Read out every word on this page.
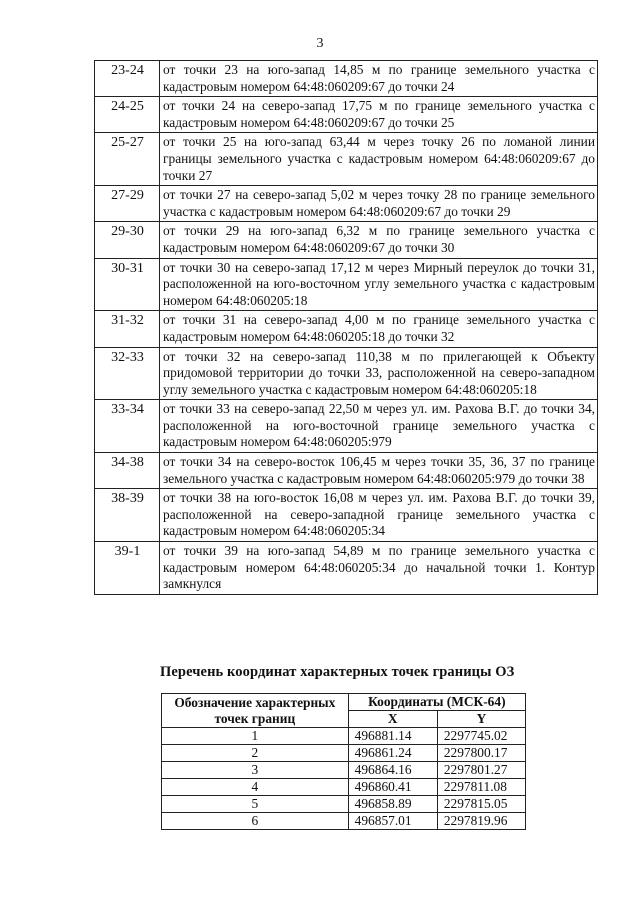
3
23-24	от точки 23 на юго-запад 14,85 м по границе земельного участка с кадастровым номером 64:48:060209:67 до точки 24
24-25	от точки 24 на северо-запад 17,75 м по границе земельного участка с кадастровым номером 64:48:060209:67 до точки 25
25-27	от точки 25 на юго-запад 63,44 м через точку 26 по ломаной линии границы земельного участка с кадастровым номером 64:48:060209:67 до точки 27
27-29	от точки 27 на северо-запад 5,02 м через точку 28 по границе земельного участка с кадастровым номером 64:48:060209:67 до точки 29
29-30	от точки 29 на юго-запад 6,32 м по границе земельного участка с кадастровым номером 64:48:060209:67 до точки 30
30-31	от точки 30 на северо-запад 17,12 м через Мирный переулок до точки 31, расположенной на юго-восточном углу земельного участка с кадастровым номером 64:48:060205:18
31-32	от точки 31 на северо-запад 4,00 м по границе земельного участка с кадастровым номером 64:48:060205:18 до точки 32
32-33	от точки 32 на северо-запад 110,38 м по прилегающей к Объекту придомовой территории до точки 33, расположенной на северо-западном углу земельного участка с кадастровым номером 64:48:060205:18
33-34	от точки 33 на северо-запад 22,50 м через ул. им. Рахова В.Г. до точки 34, расположенной на юго-восточной границе земельного участка с кадастровым номером 64:48:060205:979
34-38	от точки 34 на северо-восток 106,45 м через точки 35, 36, 37 по границе земельного участка с кадастровым номером 64:48:060205:979 до точки 38
38-39	от точки 38 на юго-восток 16,08 м через ул. им. Рахова В.Г. до точки 39, расположенной на северо-западной границе земельного участка с кадастровым номером 64:48:060205:34
39-1	от точки 39 на юго-запад 54,89 м по границе земельного участка с кадастровым номером 64:48:060205:34 до начальной точки 1. Контур замкнулся
Перечень координат характерных точек границы ОЗ
Обозначение характерных
точек границ	Координаты (МСК-64)	
	X	Y
1	496881.14	2297745.02
2	496861.24	2297800.17
3	496864.16	2297801.27
4	496860.41	2297811.08
5	496858.89	2297815.05
6	496857.01	2297819.96
